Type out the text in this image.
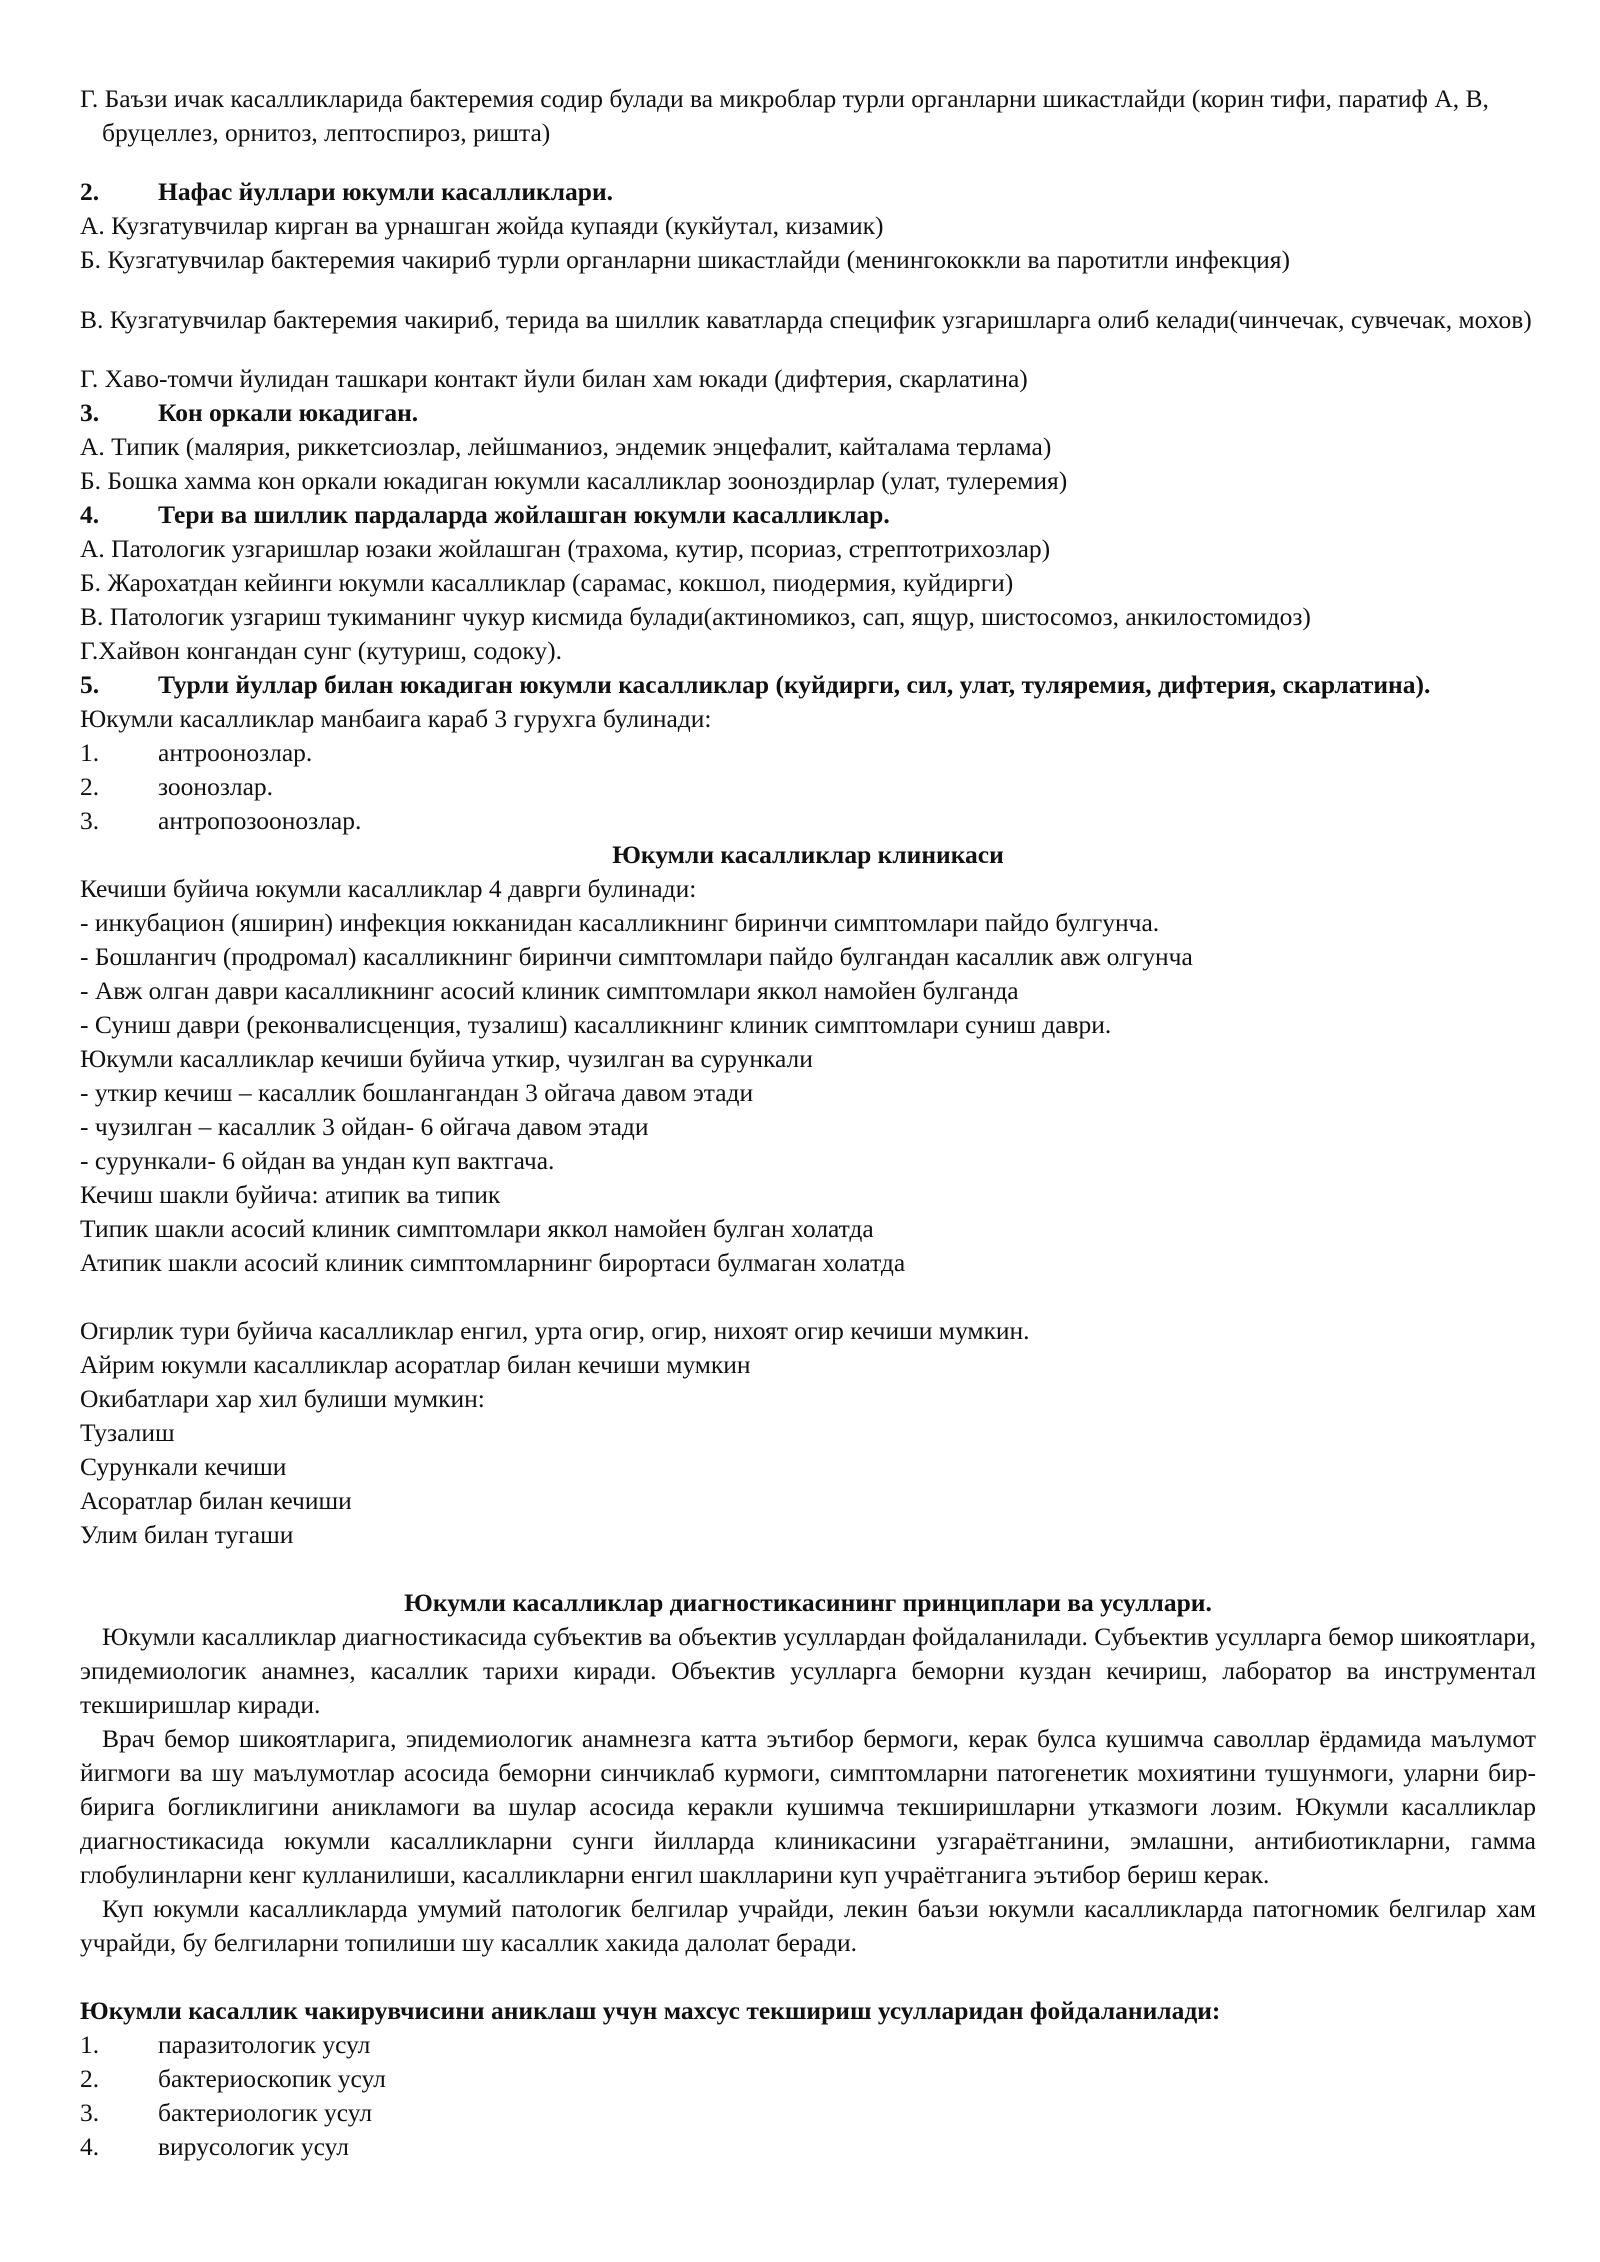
Г. Баъзи ичак касалликларида бактеремия содир булади ва микроблар турли органларни шикастлайди (корин тифи, паратиф А, В, бруцеллез, орнитоз, лептоспироз, ришта)

2.	Нафас йуллари юкумли касалликлари.

А. Кузгатувчилар кирган ва урнашган жойда купаяди (кукйутал, кизамик)

Б. Кузгатувчилар бактеремия чакириб турли органларни шикастлайди (менингококкли ва паротитли инфекция)

В. Кузгатувчилар бактеремия чакириб, терида ва шиллик каватларда специфик узгаришларга олиб келади(чинчечак, сувчечак, мохов)

Г. Хаво-томчи йулидан ташкари контакт йули билан хам юкади (дифтерия, скарлатина)

3.	Кон оркали юкадиган.

А. Типик (малярия, риккетсиозлар, лейшманиоз, эндемик энцефалит, кайталама терлама)

Б. Бошка хамма кон оркали юкадиган юкумли касалликлар зооноздирлар (улат, тулеремия)

4.	Тери ва шиллик пардаларда жойлашган юкумли касалликлар.

А. Патологик узгаришлар юзаки жойлашган (трахома, кутир, псориаз, стрептотрихозлар)

Б. Жарохатдан кейинги юкумли касалликлар (сарамас, кокшол, пиодермия, куйдирги)

В. Патологик узгариш тукиманинг чукур кисмида булади(актиномикоз, сап, ящур, шистосомоз, анкилостомидоз)

Г.Хайвон конгандан сунг (кутуриш, содоку).

5.	Турли йуллар билан юкадиган юкумли касалликлар (куйдирги, сил, улат, туляремия, дифтерия, скарлатина).

Юкумли касалликлар манбаига караб 3 гурухга булинади:

1.	антроонозлар.
2.	зоонозлар.
3.	антропозоонозлар.

Юкумли касалликлар клиникаси

Кечиши буйича юкумли касалликлар 4 даврги булинади:

- инкубацион (яширин) инфекция юкканидан касалликнинг биринчи симптомлари пайдо булгунча.

- Бошлангич (продромал) касалликнинг биринчи симптомлари пайдо булгандан касаллик авж олгунча

- Авж олган даври касалликнинг асосий клиник симптомлари яккол намойен булганда

- Суниш даври (реконвалисценция, тузалиш) касалликнинг клиник симптомлари суниш даври.

Юкумли касалликлар кечиши буйича уткир, чузилган ва сурункали

- уткир кечиш – касаллик бошлангандан 3 ойгача давом этади

- чузилган – касаллик 3 ойдан- 6 ойгача давом этади

- сурункали- 6 ойдан ва ундан куп вактгача.

Кечиш шакли буйича: атипик ва типик

Типик шакли асосий клиник симптомлари яккол намойен булган холатда

Атипик шакли асосий клиник симптомларнинг бирортаси булмаган холатда

Огирлик тури буйича касалликлар енгил, урта огир, огир, нихоят огир кечиши мумкин.

Айрим юкумли касалликлар асоратлар билан кечиши мумкин

Окибатлари хар хил булиши мумкин:

Тузалиш

Сурункали кечиши

Асоратлар билан кечиши

Улим билан тугаши

Юкумли касалликлар диагностикасининг принциплари ва усуллари.

Юкумли касалликлар диагностикасида субъектив ва объектив усуллардан фойдаланилади. Субъектив усулларга бемор шикоятлари, эпидемиологик анамнез, касаллик тарихи киради. Объектив усулларга беморни куздан кечириш, лаборатор ва инструментал текширишлар киради.

Врач бемор шикоятларига, эпидемиологик анамнезга катта эътибор бермоги, керак булса кушимча саволлар ёрдамида маълумот йигмоги ва шу маълумотлар асосида беморни синчиклаб курмоги, симптомларни патогенетик мохиятини тушунмоги, уларни бир-бирига богликлигини аникламоги ва шулар асосида керакли кушимча текширишларни утказмоги лозим. Юкумли касалликлар диагностикасида юкумли касалликларни сунги йилларда клиникасини узгараётганини, эмлашни, антибиотикларни, гамма глобулинларни кенг кулланилиши, касалликларни енгил шаклларини куп учраётганига эътибор бериш керак.

Куп юкумли касалликларда умумий патологик белгилар учрайди, лекин баъзи юкумли касалликларда патогномик белгилар хам учрайди, бу белгиларни топилиши шу касаллик хакида далолат беради.

Юкумли касаллик чакирувчисини аниклаш учун махсус текшириш усулларидан фойдаланилади:

1.	паразитологик усул
2.	бактериоскопик усул
3.	бактериологик усул
4.	вирусологик усул
